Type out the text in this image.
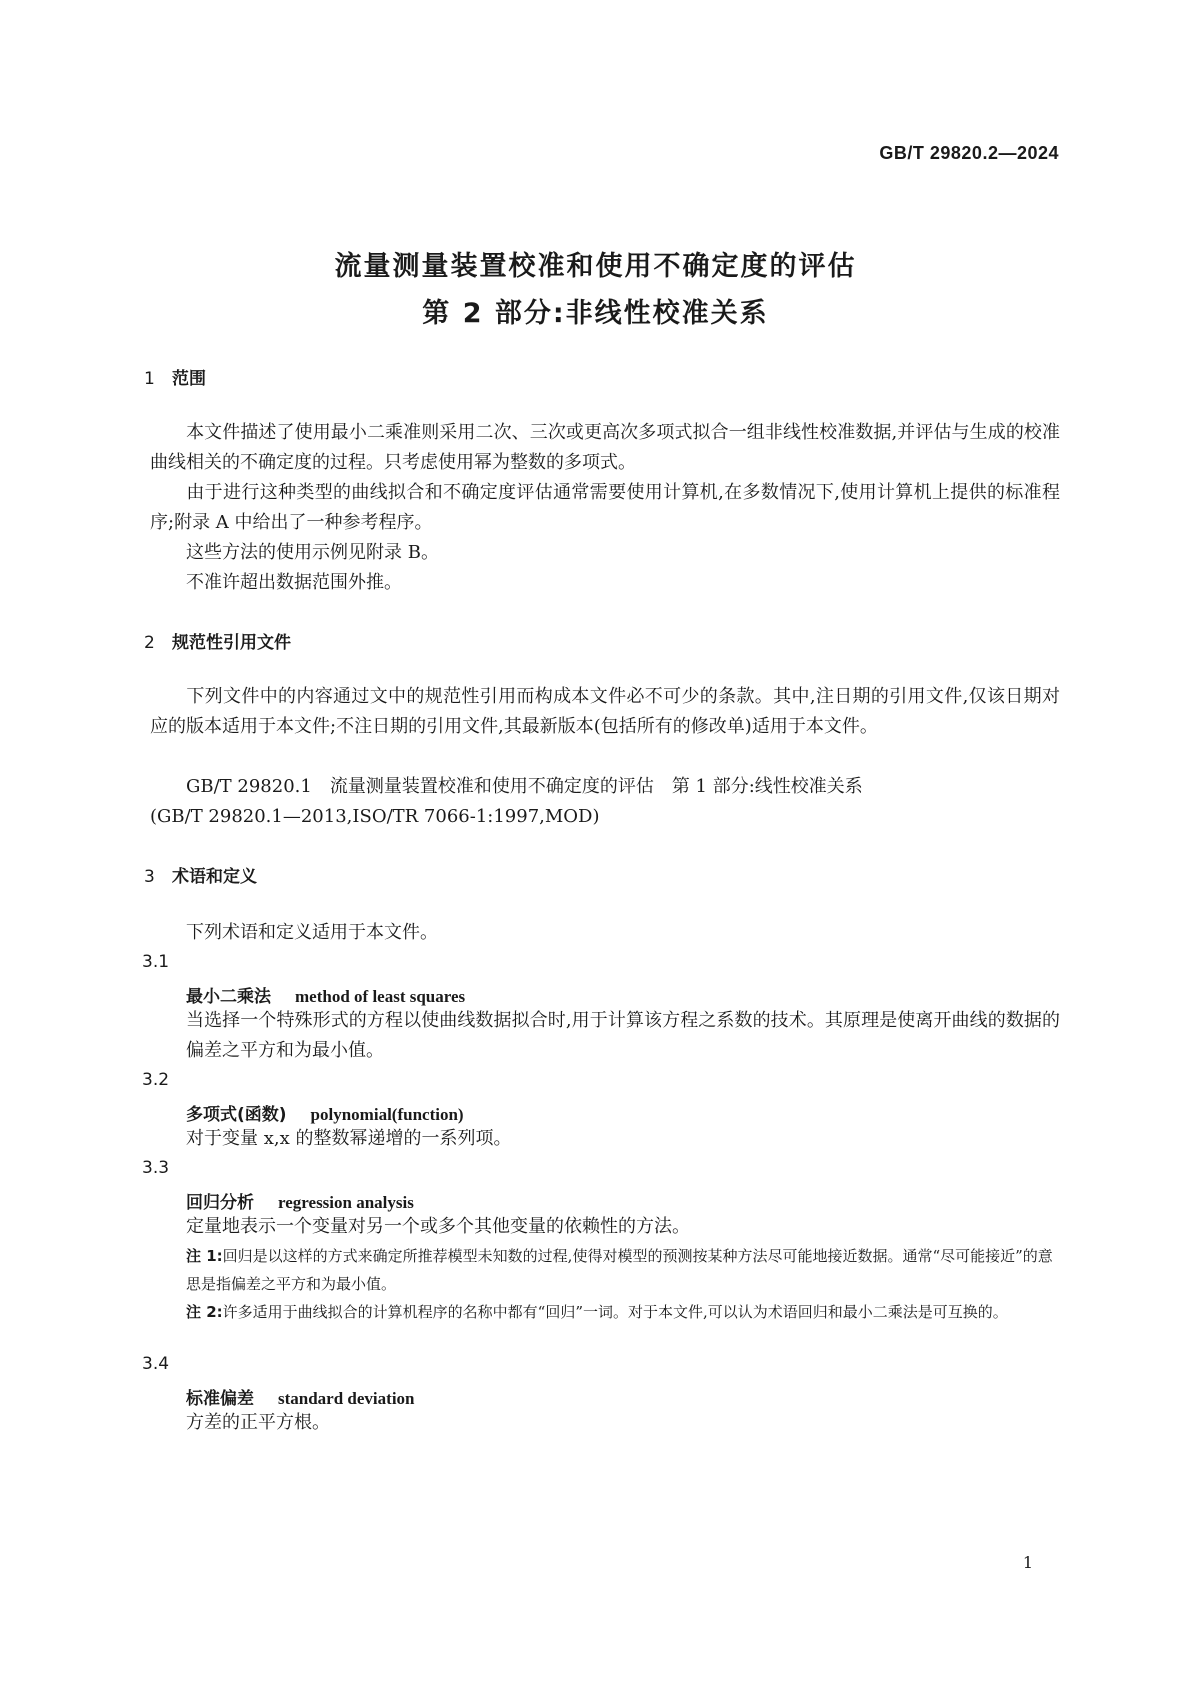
GB/T 29820.2—2024
流量测量装置校准和使用不确定度的评估
第 2 部分:非线性校准关系
1 范围
本文件描述了使用最小二乘准则采用二次、三次或更高次多项式拟合一组非线性校准数据,并评估与生成的校准曲线相关的不确定度的过程。只考虑使用幂为整数的多项式。
由于进行这种类型的曲线拟合和不确定度评估通常需要使用计算机,在多数情况下,使用计算机上提供的标准程序;附录 A 中给出了一种参考程序。
这些方法的使用示例见附录 B。
不准许超出数据范围外推。
2 规范性引用文件
下列文件中的内容通过文中的规范性引用而构成本文件必不可少的条款。其中,注日期的引用文件,仅该日期对应的版本适用于本文件;不注日期的引用文件,其最新版本(包括所有的修改单)适用于本文件。
GB/T 29820.1　流量测量装置校准和使用不确定度的评估　第 1 部分:线性校准关系
(GB/T 29820.1—2013,ISO/TR 7066-1:1997,MOD)
3 术语和定义
下列术语和定义适用于本文件。
3.1
最小二乘法 method of least squares
当选择一个特殊形式的方程以使曲线数据拟合时,用于计算该方程之系数的技术。其原理是使离开曲线的数据的偏差之平方和为最小值。
3.2
多项式(函数) polynomial(function)
对于变量 x,x 的整数幂递增的一系列项。
3.3
回归分析 regression analysis
定量地表示一个变量对另一个或多个其他变量的依赖性的方法。
注 1:回归是以这样的方式来确定所推荐模型未知数的过程,使得对模型的预测按某种方法尽可能地接近数据。通常“尽可能接近”的意思是指偏差之平方和为最小值。
注 2:许多适用于曲线拟合的计算机程序的名称中都有“回归”一词。对于本文件,可以认为术语回归和最小二乘法是可互换的。
3.4
标准偏差 standard deviation
方差的正平方根。
1
